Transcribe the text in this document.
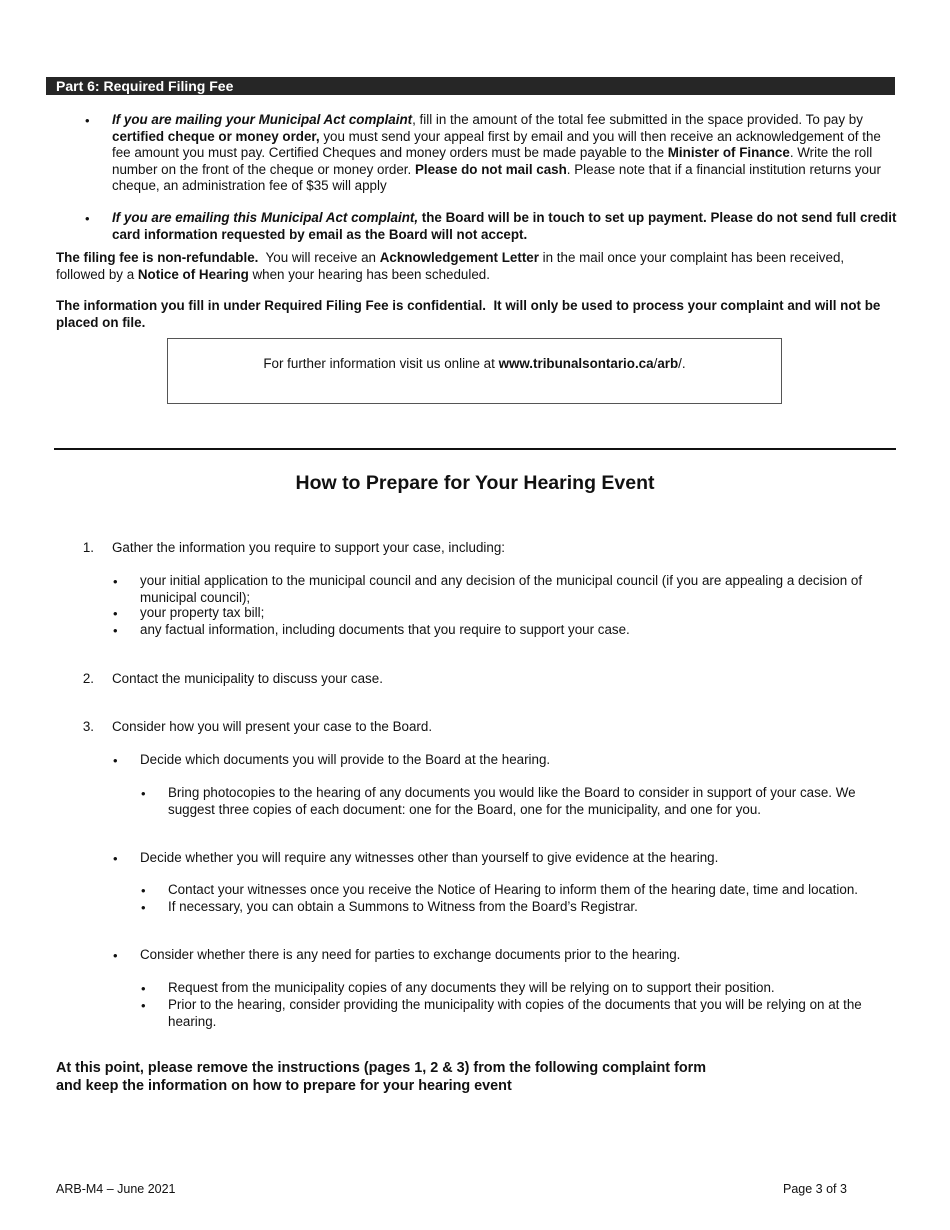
Part 6: Required Filing Fee
• If you are mailing your Municipal Act complaint, fill in the amount of the total fee submitted in the space provided. To pay by certified cheque or money order, you must send your appeal first by email and you will then receive an acknowledgement of the fee amount you must pay. Certified Cheques and money orders must be made payable to the Minister of Finance. Write the roll number on the front of the cheque or money order. Please do not mail cash. Please note that if a financial institution returns your cheque, an administration fee of $35 will apply
• If you are emailing this Municipal Act complaint, the Board will be in touch to set up payment. Please do not send full credit card information requested by email as the Board will not accept.
The filing fee is non-refundable.  You will receive an Acknowledgement Letter in the mail once your complaint has been received, followed by a Notice of Hearing when your hearing has been scheduled.
The information you fill in under Required Filing Fee is confidential.  It will only be used to process your complaint and will not be placed on file.
For further information visit us online at www.tribunalsontario.ca/arb/.
How to Prepare for Your Hearing Event
1. Gather the information you require to support your case, including:
• your initial application to the municipal council and any decision of the municipal council (if you are appealing a decision of municipal council);
• your property tax bill;
• any factual information, including documents that you require to support your case.
2. Contact the municipality to discuss your case.
3. Consider how you will present your case to the Board.
• Decide which documents you will provide to the Board at the hearing.
• Bring photocopies to the hearing of any documents you would like the Board to consider in support of your case. We suggest three copies of each document: one for the Board, one for the municipality, and one for you.
• Decide whether you will require any witnesses other than yourself to give evidence at the hearing.
• Contact your witnesses once you receive the Notice of Hearing to inform them of the hearing date, time and location.
• If necessary, you can obtain a Summons to Witness from the Board’s Registrar.
• Consider whether there is any need for parties to exchange documents prior to the hearing.
• Request from the municipality copies of any documents they will be relying on to support their position.
• Prior to the hearing, consider providing the municipality with copies of the documents that you will be relying on at the hearing.
At this point, please remove the instructions (pages 1, 2 & 3) from the following complaint form
and keep the information on how to prepare for your hearing event
ARB-M4 – June 2021	Page 3 of 3
